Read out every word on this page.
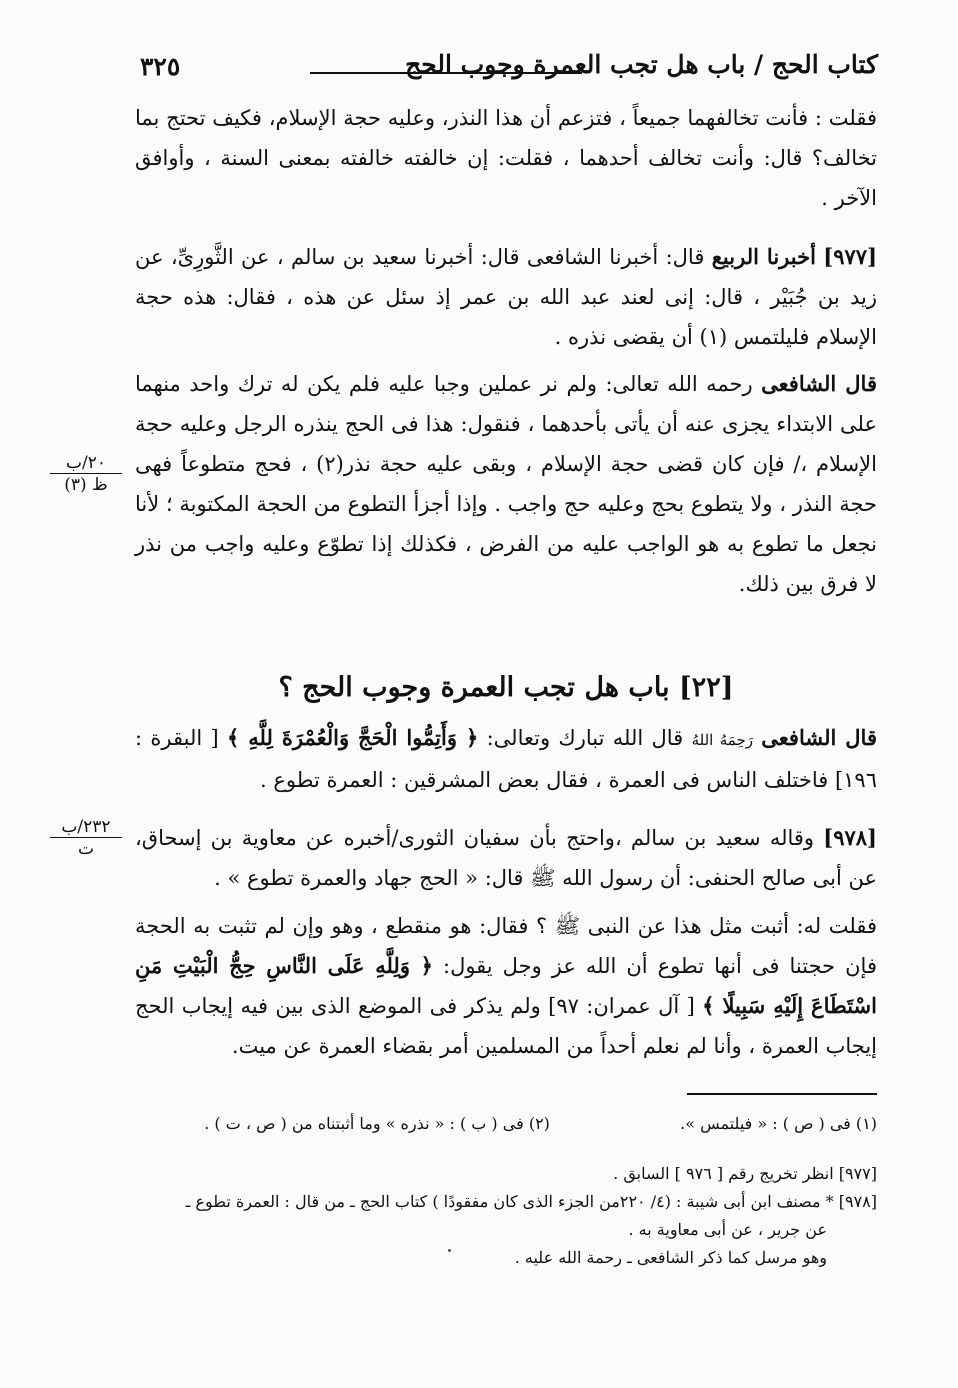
٣٢٥	كتاب الحج / باب هل تجب العمرة وجوب الحج
فقلت : فأنت تخالفهما جميعاً ، فتزعم أن هذا النذر، وعليه حجة الإسلام، فكيف تحتج بما تخالف؟ قال: وأنت تخالف أحدهما ، فقلت: إن خالفته خالفته بمعنى السنة ، وأوافق الآخر .
[٩٧٧] أخبرنا الربيع قال: أخبرنا الشافعى قال: أخبرنا سعيد بن سالم ، عن الثَّورِىِّ، عن زيد بن جُبَيْر ، قال: إنى لعند عبد الله بن عمر إذ سئل عن هذه ، فقال: هذه حجة الإسلام فليلتمس (١) أن يقضى نذره .
قال الشافعى رحمه الله تعالى: ولم نر عملين وجبا عليه فلم يكن له ترك واحد منهما على الابتداء يجزى عنه أن يأتى بأحدهما ، فنقول: هذا فى الحج ينذره الرجل وعليه حجة الإسلام ،/ فإن كان قضى حجة الإسلام ، وبقى عليه حجة نذر(٢) ، فحج متطوعاً فهى حجة النذر ، ولا يتطوع بحج وعليه حج واجب . وإذا أجزأ التطوع من الحجة المكتوبة ؛ لأنا نجعل ما تطوع به هو الواجب عليه من الفرض ، فكذلك إذا تطوّع وعليه واجب من نذر لا فرق بين ذلك.
٢٠/ب
ظ (٣)
[٢٢] باب هل تجب العمرة وجوب الحج ؟
قال الشافعى رَحِمَهُ اللهُ قال الله تبارك وتعالى: ﴿ وَأَتِمُّوا الْحَجَّ وَالْعُمْرَةَ لِلَّهِ ﴾ [ البقرة : ١٩٦] فاختلف الناس فى العمرة ، فقال بعض المشرقين : العمرة تطوع .
٢٣٢/ب
ت	[٩٧٨] وقاله سعيد بن سالم ،واحتج بأن سفيان الثورى/أخبره عن معاوية بن إسحاق، عن أبى صالح الحنفى: أن رسول الله ﷺ قال: « الحج جهاد والعمرة تطوع » .
فقلت له: أثبت مثل هذا عن النبى ﷺ ؟ فقال: هو منقطع ، وهو وإن لم تثبت به الحجة فإن حجتنا فى أنها تطوع أن الله عز وجل يقول: ﴿ وَلِلَّهِ عَلَى النَّاسِ حِجُّ الْبَيْتِ مَنِ اسْتَطَاعَ إِلَيْهِ سَبِيلًا ﴾ [ آل عمران: ٩٧] ولم يذكر فى الموضع الذى بين فيه إيجاب الحج إيجاب العمرة ، وأنا لم نعلم أحداً من المسلمين أمر بقضاء العمرة عن ميت.
(١) فى ( ص ) : « فيلتمس ».  (٢) فى ( ب ) : « نذره » وما أثبتناه من ( ص ، ت ) .
[٩٧٧] انظر تخريج رقم [ ٩٧٦ ] السابق .
[٩٧٨] * مصنف ابن أبى شيبة : (٤/ ٢٢٠من الجزء الذى كان مفقودًا ) كتاب الحج ـ من قال : العمرة تطوع ـ
عن جرير ، عن أبى معاوية به .
وهو مرسل كما ذكر الشافعى ـ رحمة الله عليه .
